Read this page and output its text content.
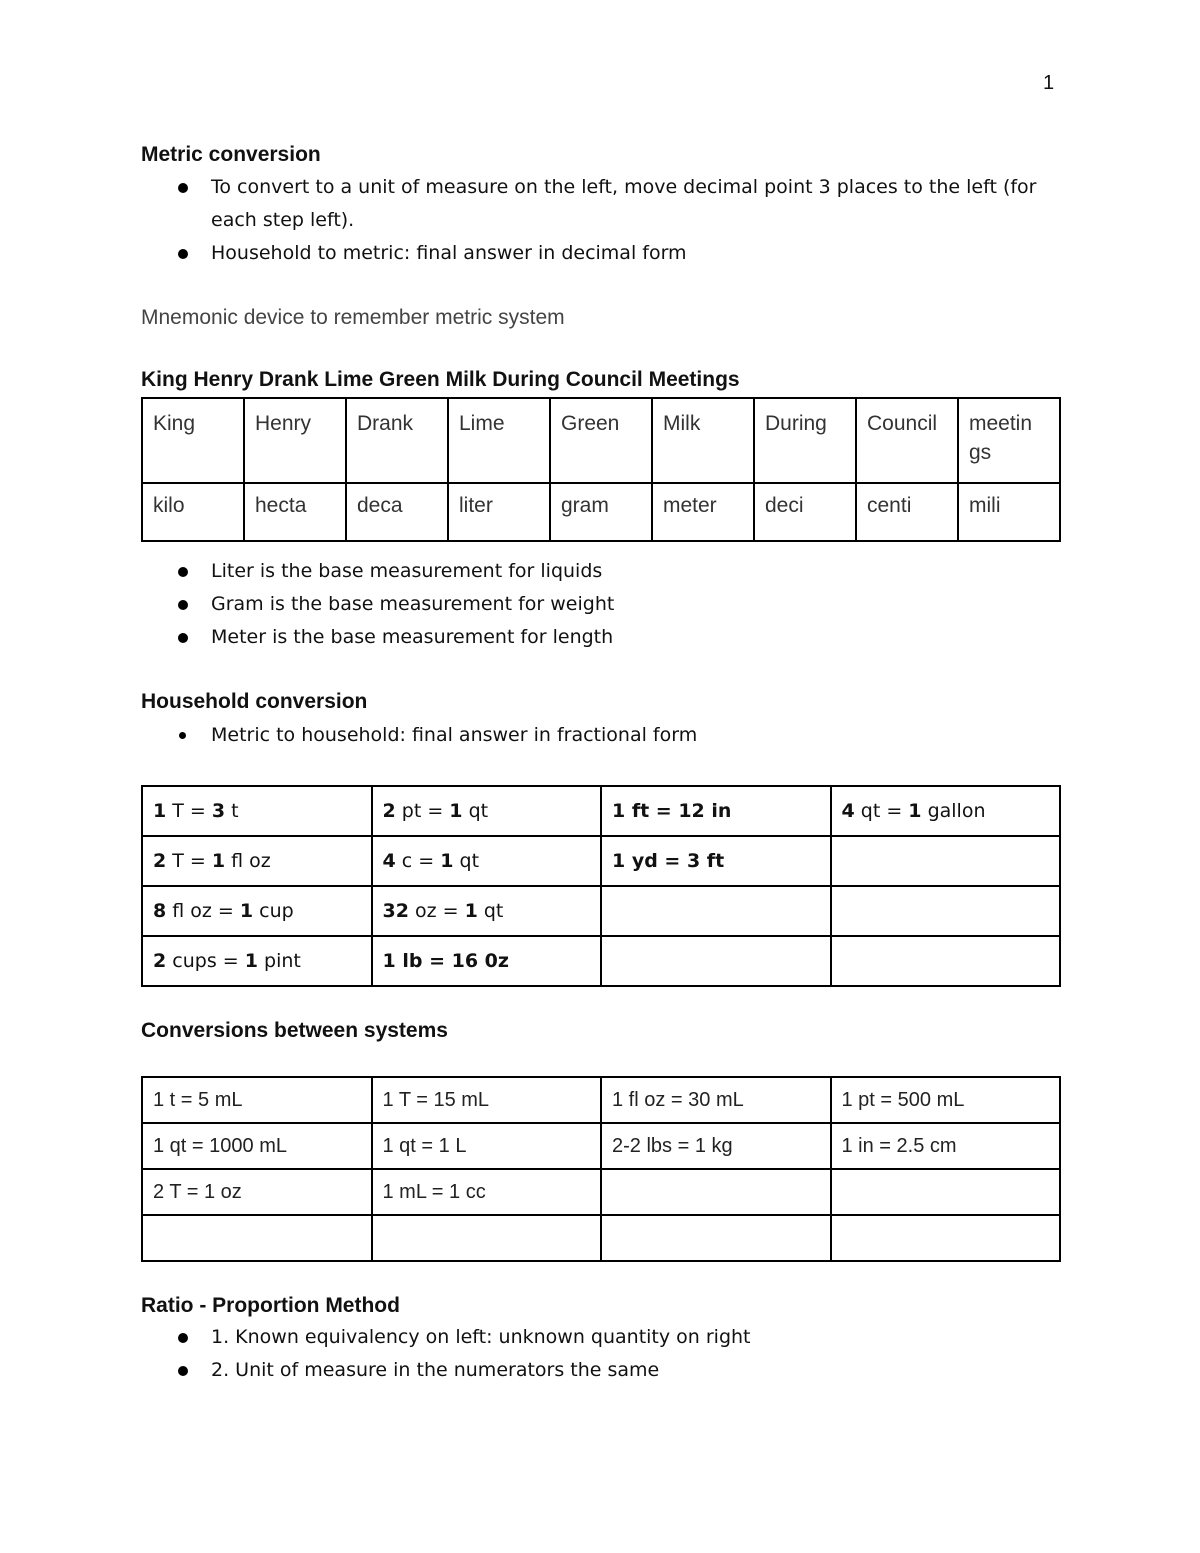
1
Metric conversion
To convert to a unit of measure on the left, move decimal point 3 places to the left (for each step left).
Household to metric: final answer in decimal form
Mnemonic device to remember metric system
King Henry Drank Lime Green Milk During Council Meetings
King	Henry	Drank	Lime	Green	Milk	During	Council	meetin gs
kilo	hecta	deca	liter	gram	meter	deci	centi	mili
Liter is the base measurement for liquids
Gram is the base measurement for weight
Meter is the base measurement for length
Household conversion
Metric to household: final answer in fractional form
1 T = 3 t	2 pt = 1 qt	1 ft = 12 in	4 qt = 1 gallon
2 T = 1 fl oz	4 c = 1 qt	1 yd = 3 ft	
8 fl oz = 1 cup	32 oz = 1 qt		
2 cups = 1 pint	1 lb = 16 0z		
Conversions between systems
1 t = 5 mL	1 T = 15 mL	1 fl oz = 30 mL	1 pt = 500 mL
1 qt = 1000 mL	1 qt = 1 L	2-2 lbs = 1 kg	1 in = 2.5 cm
2 T = 1 oz	1 mL = 1 cc		

Ratio - Proportion Method
1. Known equivalency on left: unknown quantity on right
2. Unit of measure in the numerators the same
